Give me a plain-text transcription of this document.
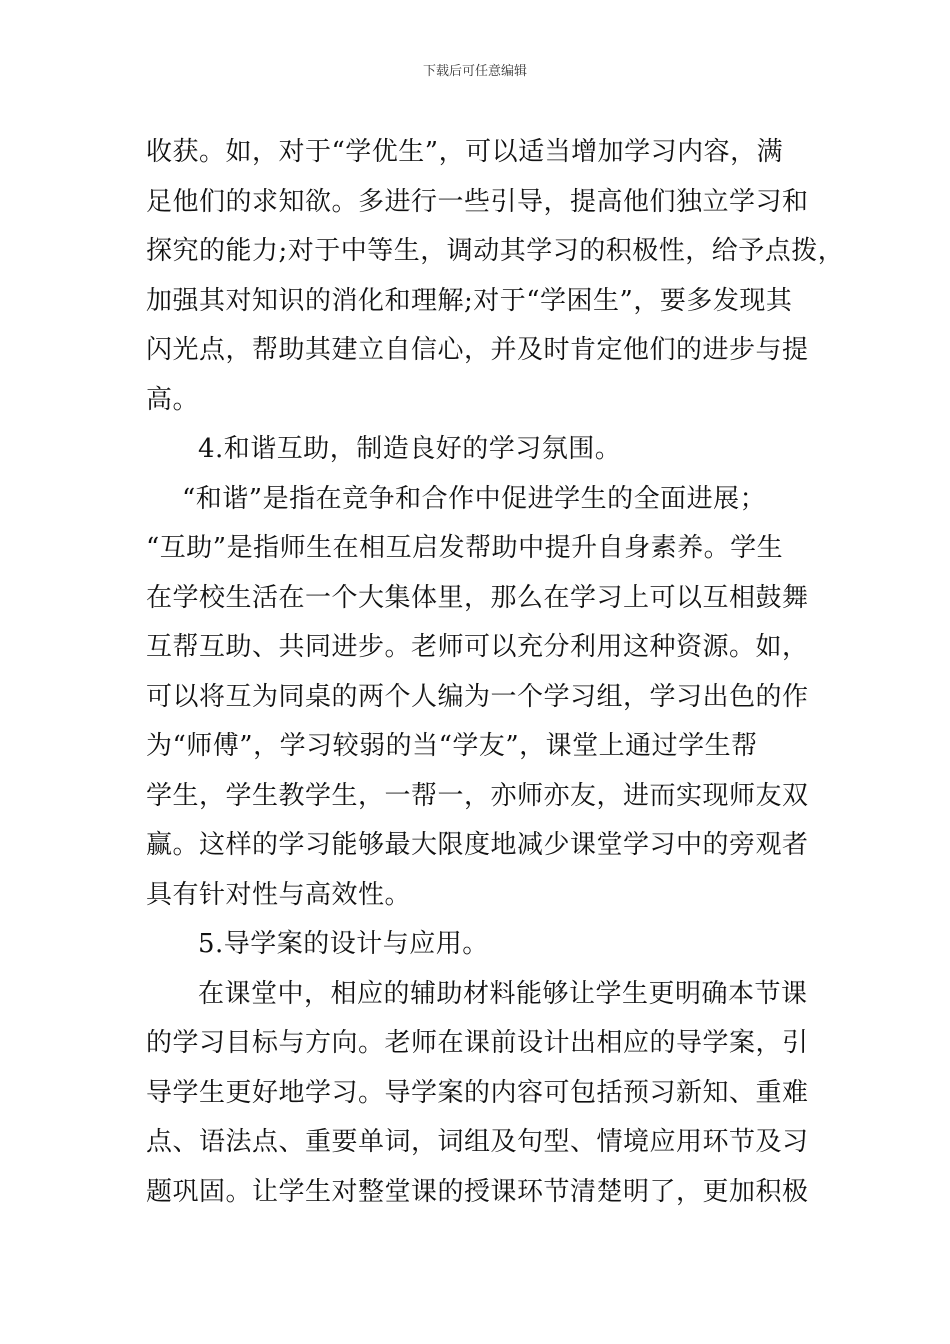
下载后可任意编辑
收获。如，对于“学优生”，可以适当增加学习内容，满
足他们的求知欲。多进行一些引导，提高他们独立学习和
探究的能力;对于中等生，调动其学习的积极性，给予点拨，
加强其对知识的消化和理解;对于“学困生”，要多发现其
闪光点，帮助其建立自信心，并及时肯定他们的进步与提
高。
4.和谐互助，制造良好的学习氛围。
“和谐”是指在竞争和合作中促进学生的全面进展；
“互助”是指师生在相互启发帮助中提升自身素养。学生
在学校生活在一个大集体里，那么在学习上可以互相鼓舞
互帮互助、共同进步。老师可以充分利用这种资源。如，
可以将互为同桌的两个人编为一个学习组，学习出色的作
为“师傅”，学习较弱的当“学友”，课堂上通过学生帮
学生，学生教学生，一帮一，亦师亦友，进而实现师友双
赢。这样的学习能够最大限度地减少课堂学习中的旁观者
具有针对性与高效性。
5.导学案的设计与应用。
在课堂中，相应的辅助材料能够让学生更明确本节课
的学习目标与方向。老师在课前设计出相应的导学案，引
导学生更好地学习。导学案的内容可包括预习新知、重难
点、语法点、重要单词，词组及句型、情境应用环节及习
题巩固。让学生对整堂课的授课环节清楚明了，更加积极
